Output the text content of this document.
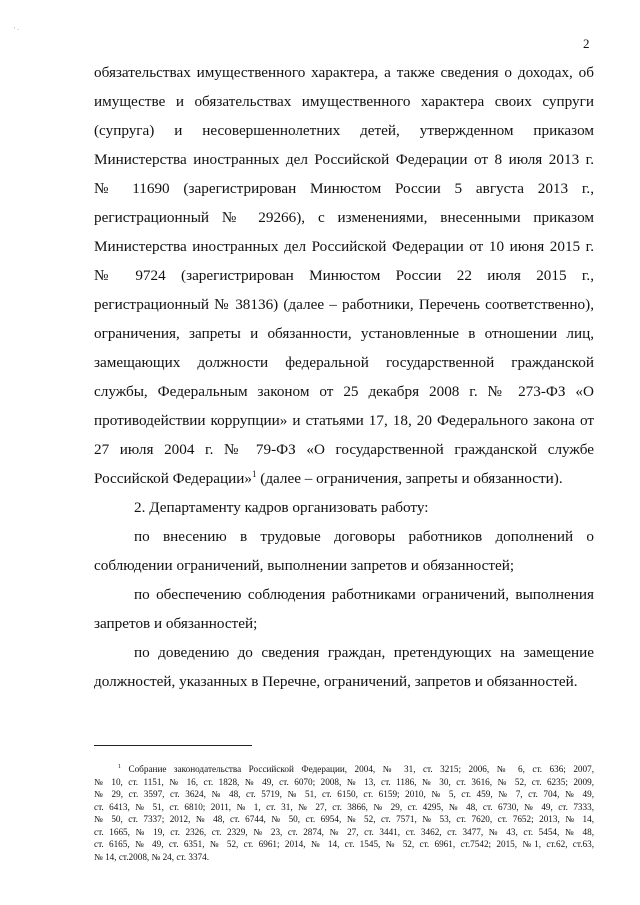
' ·
2
обязательствах имущественного характера, а также сведения о доходах, об
имуществе и обязательствах имущественного характера своих супруги
(супруга) и несовершеннолетних детей, утвержденном приказом
Министерства иностранных дел Российской Федерации от 8 июля 2013 г.
№ 11690 (зарегистрирован Минюстом России 5 августа 2013 г.,
регистрационный № 29266), с изменениями, внесенными приказом
Министерства иностранных дел Российской Федерации от 10 июня 2015 г.
№ 9724 (зарегистрирован Минюстом России 22 июля 2015 г.,
регистрационный № 38136) (далее – работники, Перечень соответственно),
ограничения, запреты и обязанности, установленные в отношении лиц,
замещающих должности федеральной государственной гражданской
службы, Федеральным законом от 25 декабря 2008 г. № 273-ФЗ «О
противодействии коррупции» и статьями 17, 18, 20 Федерального закона от
27 июля 2004 г. № 79-ФЗ «О государственной гражданской службе
Российской Федерации»$^1$ (далее – ограничения, запреты и обязанности).
2. Департаменту кадров организовать работу:
по внесению в трудовые договоры работников дополнений о
соблюдении ограничений, выполнении запретов и обязанностей;
по обеспечению соблюдения работниками ограничений, выполнения
запретов и обязанностей;
по доведению до сведения граждан, претендующих на замещение
должностей, указанных в Перечне, ограничений, запретов и обязанностей.
$^1$ Собрание законодательства Российской Федерации, 2004, № 31, ст. 3215; 2006, № 6, ст. 636; 2007,
№ 10, ст. 1151, № 16, ст. 1828, № 49, ст. 6070; 2008, № 13, ст. 1186, № 30, ст. 3616, № 52, ст. 6235; 2009,
№ 29, ст. 3597, ст. 3624, № 48, ст. 5719, № 51, ст. 6150, ст. 6159; 2010, № 5, ст. 459, № 7, ст. 704, № 49,
ст. 6413, № 51, ст. 6810; 2011, № 1, ст. 31, № 27, ст. 3866, № 29, ст. 4295, № 48, ст. 6730, № 49, ст. 7333,
№ 50, ст. 7337; 2012, № 48, ст. 6744, № 50, ст. 6954, № 52, ст. 7571, № 53, ст. 7620, ст. 7652; 2013, № 14,
ст. 1665, № 19, ст. 2326, ст. 2329, № 23, ст. 2874, № 27, ст. 3441, ст. 3462, ст. 3477, № 43, ст. 5454, № 48,
ст. 6165, № 49, ст. 6351, № 52, ст. 6961; 2014, № 14, ст. 1545, № 52, ст. 6961, ст.7542; 2015, №1, ст.62, ст.63,
№ 14, ст.2008, № 24, ст. 3374.
